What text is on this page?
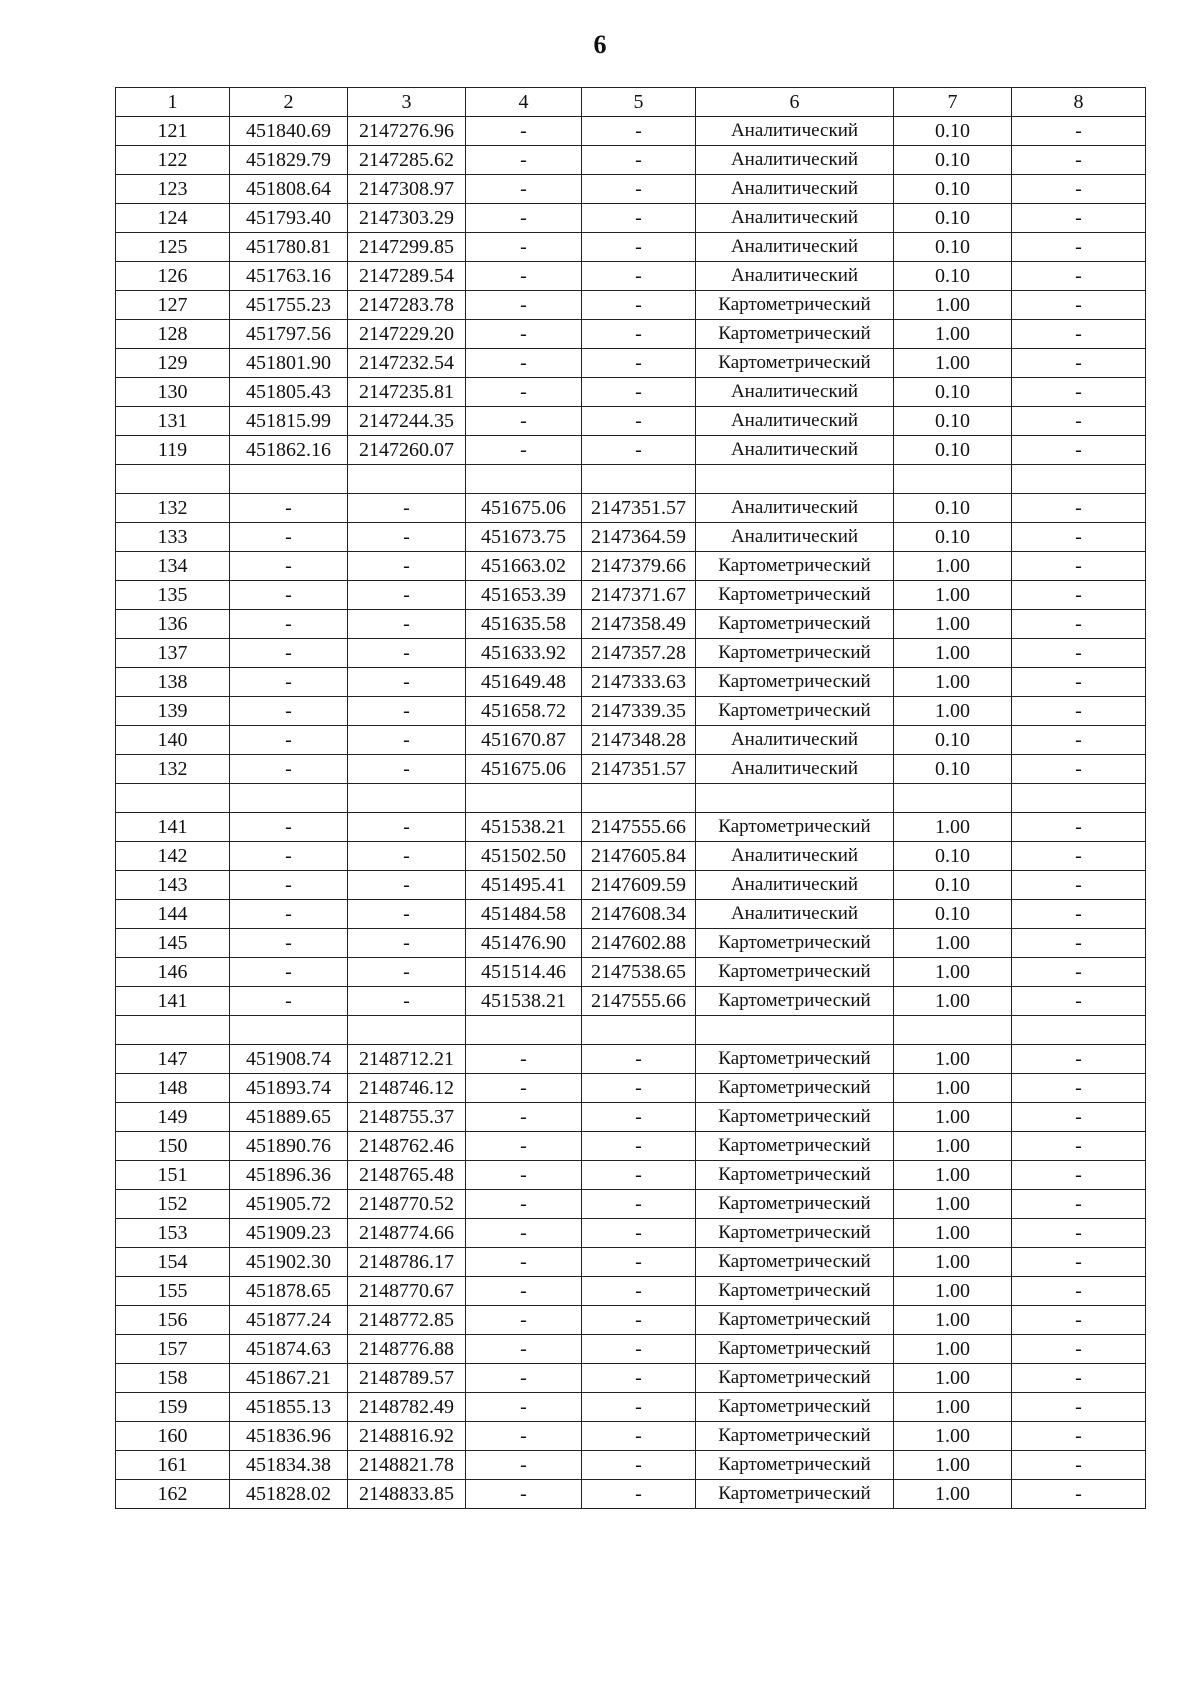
6
1	2	3	4	5	6	7	8
121	451840.69	2147276.96	-	-	Аналитический	0.10	-
122	451829.79	2147285.62	-	-	Аналитический	0.10	-
123	451808.64	2147308.97	-	-	Аналитический	0.10	-
124	451793.40	2147303.29	-	-	Аналитический	0.10	-
125	451780.81	2147299.85	-	-	Аналитический	0.10	-
126	451763.16	2147289.54	-	-	Аналитический	0.10	-
127	451755.23	2147283.78	-	-	Картометрический	1.00	-
128	451797.56	2147229.20	-	-	Картометрический	1.00	-
129	451801.90	2147232.54	-	-	Картометрический	1.00	-
130	451805.43	2147235.81	-	-	Аналитический	0.10	-
131	451815.99	2147244.35	-	-	Аналитический	0.10	-
119	451862.16	2147260.07	-	-	Аналитический	0.10	-

132	-	-	451675.06	2147351.57	Аналитический	0.10	-
133	-	-	451673.75	2147364.59	Аналитический	0.10	-
134	-	-	451663.02	2147379.66	Картометрический	1.00	-
135	-	-	451653.39	2147371.67	Картометрический	1.00	-
136	-	-	451635.58	2147358.49	Картометрический	1.00	-
137	-	-	451633.92	2147357.28	Картометрический	1.00	-
138	-	-	451649.48	2147333.63	Картометрический	1.00	-
139	-	-	451658.72	2147339.35	Картометрический	1.00	-
140	-	-	451670.87	2147348.28	Аналитический	0.10	-
132	-	-	451675.06	2147351.57	Аналитический	0.10	-

141	-	-	451538.21	2147555.66	Картометрический	1.00	-
142	-	-	451502.50	2147605.84	Аналитический	0.10	-
143	-	-	451495.41	2147609.59	Аналитический	0.10	-
144	-	-	451484.58	2147608.34	Аналитический	0.10	-
145	-	-	451476.90	2147602.88	Картометрический	1.00	-
146	-	-	451514.46	2147538.65	Картометрический	1.00	-
141	-	-	451538.21	2147555.66	Картометрический	1.00	-

147	451908.74	2148712.21	-	-	Картометрический	1.00	-
148	451893.74	2148746.12	-	-	Картометрический	1.00	-
149	451889.65	2148755.37	-	-	Картометрический	1.00	-
150	451890.76	2148762.46	-	-	Картометрический	1.00	-
151	451896.36	2148765.48	-	-	Картометрический	1.00	-
152	451905.72	2148770.52	-	-	Картометрический	1.00	-
153	451909.23	2148774.66	-	-	Картометрический	1.00	-
154	451902.30	2148786.17	-	-	Картометрический	1.00	-
155	451878.65	2148770.67	-	-	Картометрический	1.00	-
156	451877.24	2148772.85	-	-	Картометрический	1.00	-
157	451874.63	2148776.88	-	-	Картометрический	1.00	-
158	451867.21	2148789.57	-	-	Картометрический	1.00	-
159	451855.13	2148782.49	-	-	Картометрический	1.00	-
160	451836.96	2148816.92	-	-	Картометрический	1.00	-
161	451834.38	2148821.78	-	-	Картометрический	1.00	-
162	451828.02	2148833.85	-	-	Картометрический	1.00	-
